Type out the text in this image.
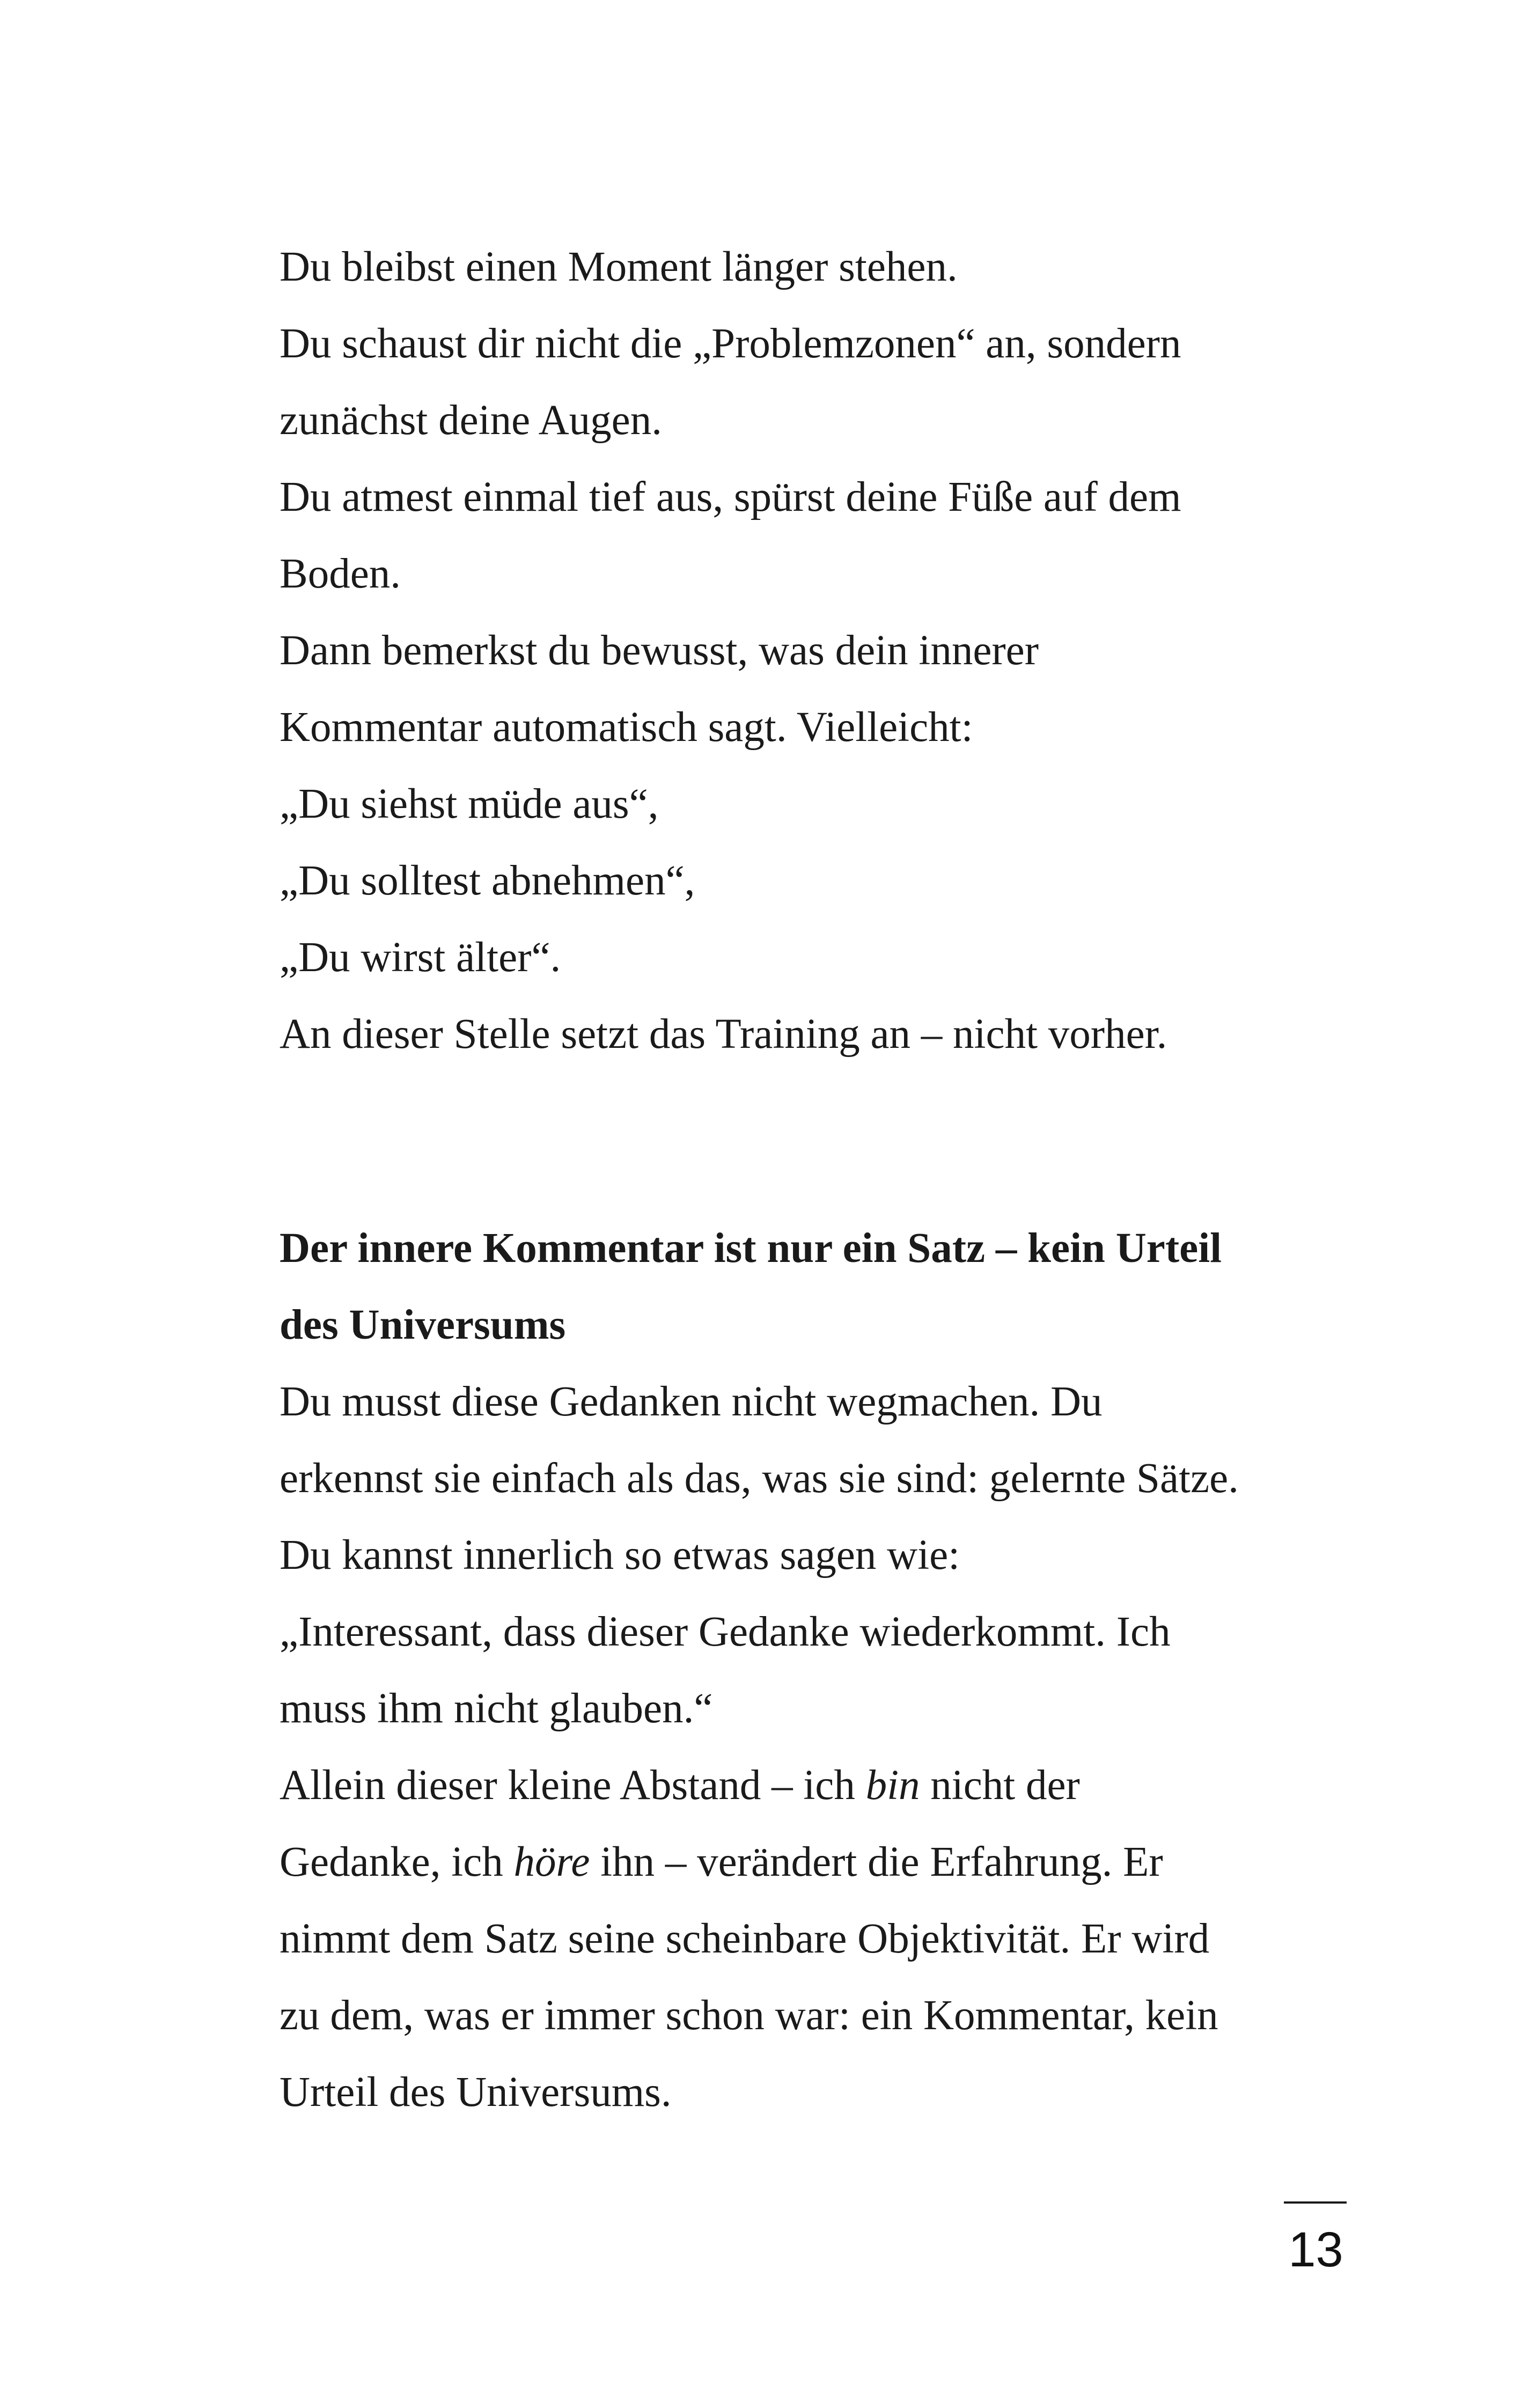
Du bleibst einen Moment länger stehen.
Du schaust dir nicht die „Problemzonen“ an, sondern
zunächst deine Augen.
Du atmest einmal tief aus, spürst deine Füße auf dem
Boden.
Dann bemerkst du bewusst, was dein innerer
Kommentar automatisch sagt. Vielleicht:
„Du siehst müde aus“,
„Du solltest abnehmen“,
„Du wirst älter“.
An dieser Stelle setzt das Training an – nicht vorher.
Der innere Kommentar ist nur ein Satz – kein Urteil
des Universums
Du musst diese Gedanken nicht wegmachen. Du
erkennst sie einfach als das, was sie sind: gelernte Sätze.
Du kannst innerlich so etwas sagen wie:
„Interessant, dass dieser Gedanke wiederkommt. Ich
muss ihm nicht glauben.“
Allein dieser kleine Abstand – ich bin nicht der
Gedanke, ich höre ihn – verändert die Erfahrung. Er
nimmt dem Satz seine scheinbare Objektivität. Er wird
zu dem, was er immer schon war: ein Kommentar, kein
Urteil des Universums.
13
